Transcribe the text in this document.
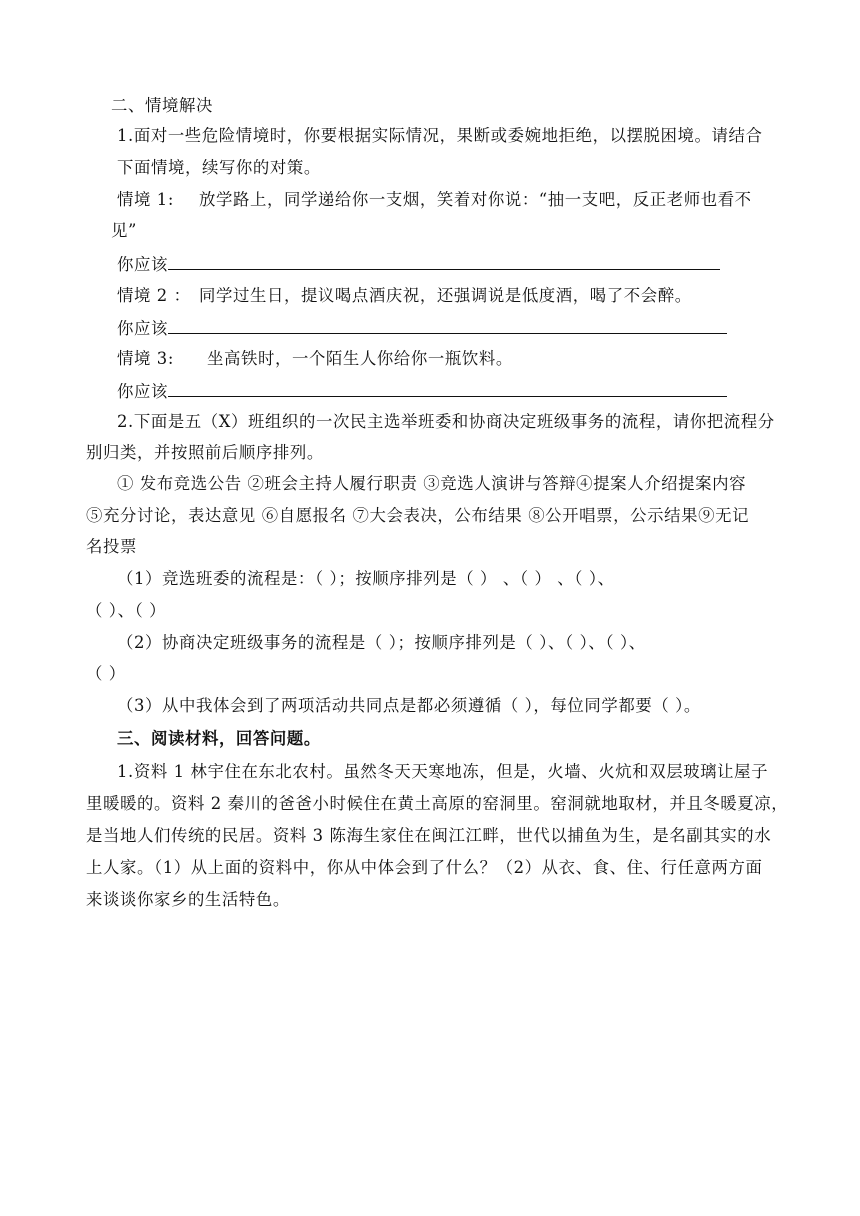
二、情境解决
1.面对一些危险情境时，你要根据实际情况，果断或委婉地拒绝，以摆脱困境。请结合
下面情境，续写你的对策。
情境 1: 放学路上，同学递给你一支烟，笑着对你说：“抽一支吧，反正老师也看不
见”
你应该
情境 2 ： 同学过生日，提议喝点酒庆祝，还强调说是低度酒，喝了不会醉。
你应该
情境 3: 坐高铁时，一个陌生人你给你一瓶饮料。
你应该
2.下面是五（X）班组织的一次民主选举班委和协商决定班级事务的流程，请你把流程分
别归类，并按照前后顺序排列。
① 发布竞选公告 ②班会主持人履行职责 ③竞选人演讲与答辩④提案人介绍提案内容
⑤充分讨论，表达意见 ⑥自愿报名 ⑦大会表决，公布结果 ⑧公开唱票，公示结果⑨无记
名投票
（1）竞选班委的流程是：（ ）；按顺序排列是（ ） 、（ ） 、（ ）、
（ ）、（ ）
（2）协商决定班级事务的流程是（ ）；按顺序排列是（ ）、（ ）、（ ）、
（ ）
（3）从中我体会到了两项活动共同点是都必须遵循（ ），每位同学都要（ ）。
三、阅读材料，回答问题。
1.资料 1 林宇住在东北农村。虽然冬天天寒地冻，但是，火墙、火炕和双层玻璃让屋子
里暖暖的。资料 2 秦川的爸爸小时候住在黄土高原的窑洞里。窑洞就地取材，并且冬暖夏凉，
是当地人们传统的民居。资料 3 陈海生家住在闽江江畔，世代以捕鱼为生，是名副其实的水
上人家。（1）从上面的资料中，你从中体会到了什么？（2）从衣、食、住、行任意两方面
来谈谈你家乡的生活特色。
